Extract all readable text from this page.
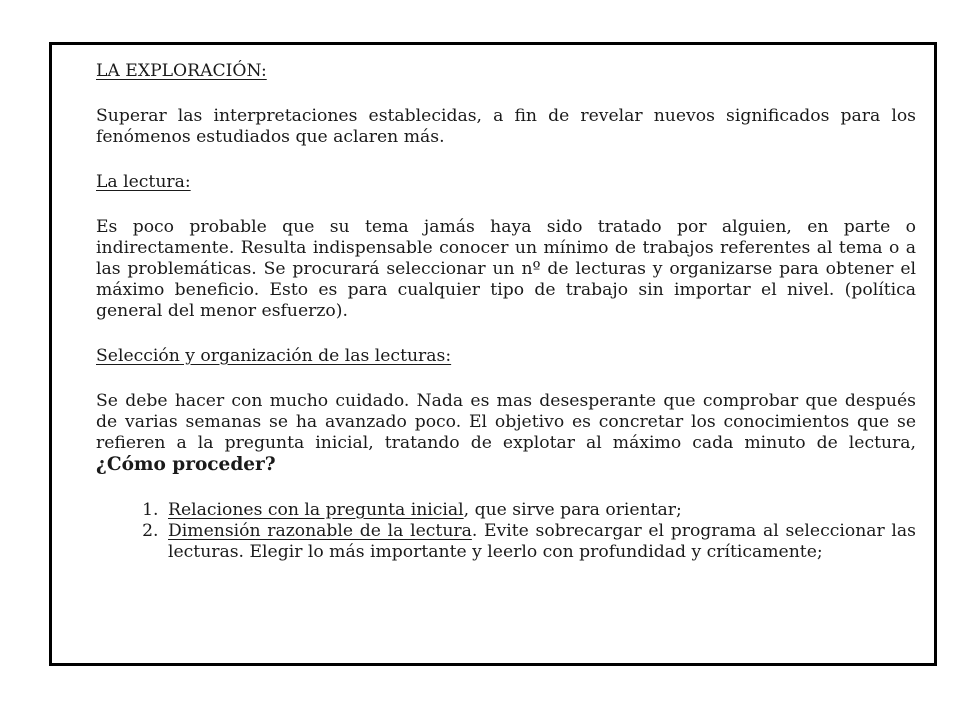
LA EXPLORACIÓN:

Superar las interpretaciones establecidas, a fin de revelar nuevos significados para los fenómenos estudiados que aclaren más.

La lectura:

Es poco probable que su tema jamás haya sido tratado por alguien, en parte o indirectamente. Resulta indispensable conocer un mínimo de trabajos referentes al tema o a las problemáticas. Se procurará seleccionar un nº de lecturas y organizarse para obtener el máximo beneficio. Esto es para cualquier tipo de trabajo sin importar el nivel. (política general del menor esfuerzo).

Selección y organización de las lecturas:

Se debe hacer con mucho cuidado. Nada es mas desesperante que comprobar que después de varias semanas se ha avanzado poco. El objetivo es concretar los conocimientos que se refieren a la pregunta inicial, tratando de explotar al máximo cada minuto de lectura, ¿Cómo proceder?

1. Relaciones con la pregunta inicial, que sirve para orientar;
2. Dimensión razonable de la lectura. Evite sobrecargar el programa al seleccionar las lecturas. Elegir lo más importante y leerlo con profundidad y críticamente;
